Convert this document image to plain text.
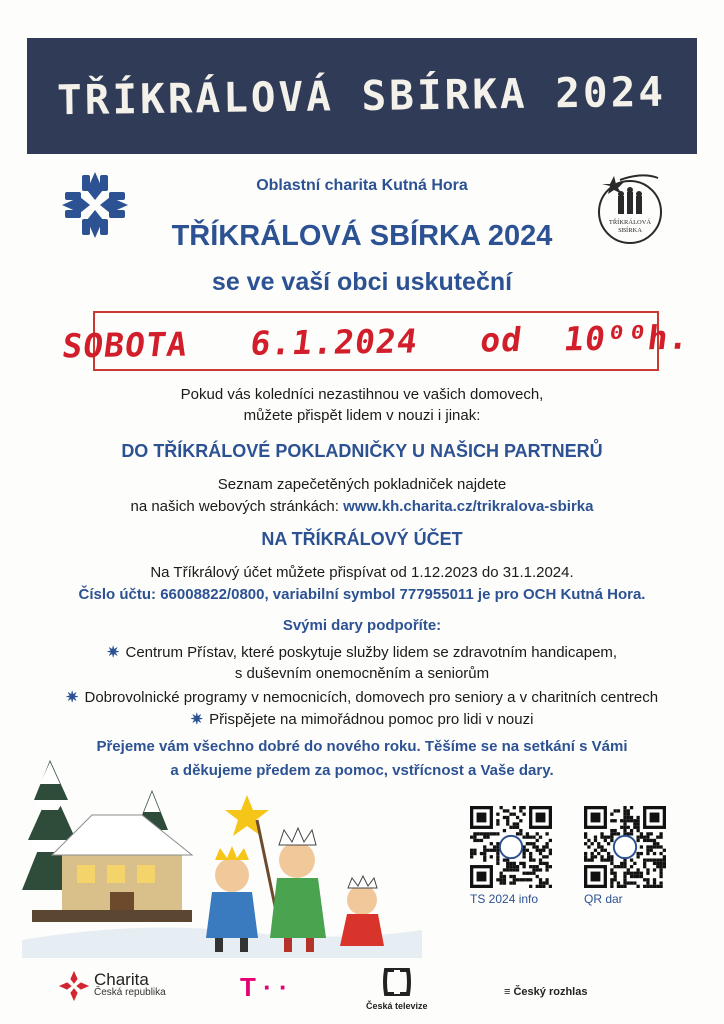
TŘÍKRÁLOVÁ SBÍRKA 2024
TŘÍKRÁLOVÁ SBÍRKA
Oblastní charita Kutná Hora
TŘÍKRÁLOVÁ SBÍRKA 2024
se ve vaší obci uskuteční
SOBOTA   6.1.2024   od  10⁰⁰h.
Pokud vás koledníci nezastihnou ve vašich domovech,
můžete přispět lidem v nouzi i jinak:
DO TŘÍKRÁLOVÉ POKLADNIČKY U NAŠICH PARTNERŮ
Seznam zapečetěných pokladniček najdete
na našich webových stránkách: www.kh.charita.cz/trikralova-sbirka
NA TŘÍKRÁLOVÝ ÚČET
Na Tříkrálový účet můžete přispívat od 1.12.2023 do 31.1.2024.
Číslo účtu: 66008822/0800, variabilní symbol 777955011 je pro OCH Kutná Hora.
Svými dary podpoříte:
✷ Centrum Přístav, které poskytuje služby lidem se zdravotním handicapem,
s duševním onemocněním a seniorům
✷ Dobrovolnické programy v nemocnicích, domovech pro seniory a v charitních centrech
✷ Přispějete na mimořádnou pomoc pro lidi v nouzi
Přejeme vám všechno dobré do nového roku. Těšíme se na setkání s Vámi
a děkujeme předem za pomoc, vstřícnost a Vaše dary.
TS 2024 info	QR dar
Charita
Česká republika	T · ·
Česká televize
≡ Český rozhlas
